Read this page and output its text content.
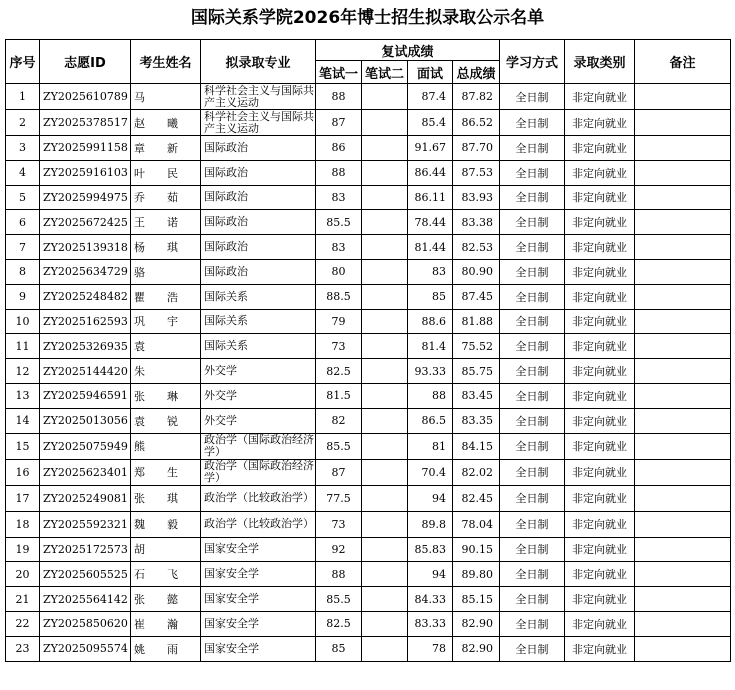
国际关系学院2026年博士招生拟录取公示名单
序号	志愿ID	考生姓名	拟录取专业	复试成绩				学习方式	录取类别	备注
				笔试一	笔试二	面试	总成绩			
1	ZY2025610789	马	科学社会主义与国际共产主义运动	88		87.4	87.82	全日制	非定向就业	
2	ZY2025378517	赵　　曦	科学社会主义与国际共产主义运动	87		85.4	86.52	全日制	非定向就业	
3	ZY2025991158	章　　新	国际政治	86		91.67	87.70	全日制	非定向就业	
4	ZY2025916103	叶　　民	国际政治	88		86.44	87.53	全日制	非定向就业	
5	ZY2025994975	乔　　茹	国际政治	83		86.11	83.93	全日制	非定向就业	
6	ZY2025672425	王　　诺	国际政治	85.5		78.44	83.38	全日制	非定向就业	
7	ZY2025139318	杨　　琪	国际政治	83		81.44	82.53	全日制	非定向就业	
8	ZY2025634729	骆	国际政治	80		83	80.90	全日制	非定向就业	
9	ZY2025248482	瞿　　浩	国际关系	88.5		85	87.45	全日制	非定向就业	
10	ZY2025162593	巩　　宇	国际关系	79		88.6	81.88	全日制	非定向就业	
11	ZY2025326935	袁	国际关系	73		81.4	75.52	全日制	非定向就业	
12	ZY2025144420	朱	外交学	82.5		93.33	85.75	全日制	非定向就业	
13	ZY2025946591	张　　琳	外交学	81.5		88	83.45	全日制	非定向就业	
14	ZY2025013056	袁　　锐	外交学	82		86.5	83.35	全日制	非定向就业	
15	ZY2025075949	熊	政治学（国际政治经济学）	85.5		81	84.15	全日制	非定向就业	
16	ZY2025623401	郑　　生	政治学（国际政治经济学）	87		70.4	82.02	全日制	非定向就业	
17	ZY2025249081	张　　琪	政治学（比较政治学）	77.5		94	82.45	全日制	非定向就业	
18	ZY2025592321	魏　　毅	政治学（比较政治学）	73		89.8	78.04	全日制	非定向就业	
19	ZY2025172573	胡	国家安全学	92		85.83	90.15	全日制	非定向就业	
20	ZY2025605525	石　　飞	国家安全学	88		94	89.80	全日制	非定向就业	
21	ZY2025564142	张　　懿	国家安全学	85.5		84.33	85.15	全日制	非定向就业	
22	ZY2025850620	崔　　瀚	国家安全学	82.5		83.33	82.90	全日制	非定向就业	
23	ZY2025095574	姚　　雨	国家安全学	85		78	82.90	全日制	非定向就业	
